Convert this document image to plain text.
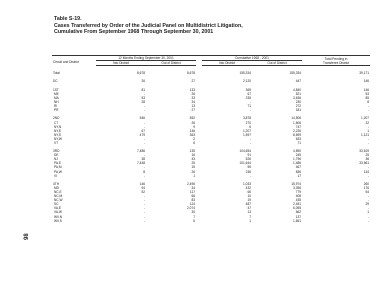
Table S-19.
Cases Transferred by Order of the Judicial Panel on Multidistrict Litigation,
Cumulative From September 1968 Through September 30, 2001
Circuit and District	12 Months Ending September 30, 2001			Cumulative 1968 - 2001		Total Pending in
Transferee District

	Into District	Out of District		Into District	Out of District	

Total	8,678	8,678		155,334	155,334	39,171

DC	26	27		2,120	447	146

1ST	81	133		369	4,840	146
ME	-	26		67	521	53
MA	53	33		235	3,636	85
NH	28	34		-	230	8
RI	-	13		71	272	-
PR	-	27		-	181	-

2ND	546	552		3,878	14,506	1,207
CT	-	26		270	1,606	22
NY,N	-	9		6	747	-
NY,E	67	146		1,207	2,226	1
NY,S	479	363		1,597	8,699	1,121
NY,W	-	2		-	633	-
VT	-	6		-	71	-

3RD	7,486	135		104,654	4,890	33,619
DE	-	16		91	245	25
NJ	38	43		526	1,796	36
PA,E	7,448	25		101,644	1,486	33,561
PA,M	-	15		55	467	-
PA,W	8	26		236	836	134
VI	-	1		-	17	-

4TH	146	2,496		1,033	15,974	260
MD	94	34		432	3,396	176
NC,E	52	117		66	779	54
NC,M	-	66		10	408	-
NC,W	-	83		19	435	-
SC	-	124		487	2,451	29
VA,E	-	2,074		47	6,055	-
VA,W	-	30		13	662	1
WV,N	-	7		7	137	-
WV,S	-	6		1	1,651	-
98
